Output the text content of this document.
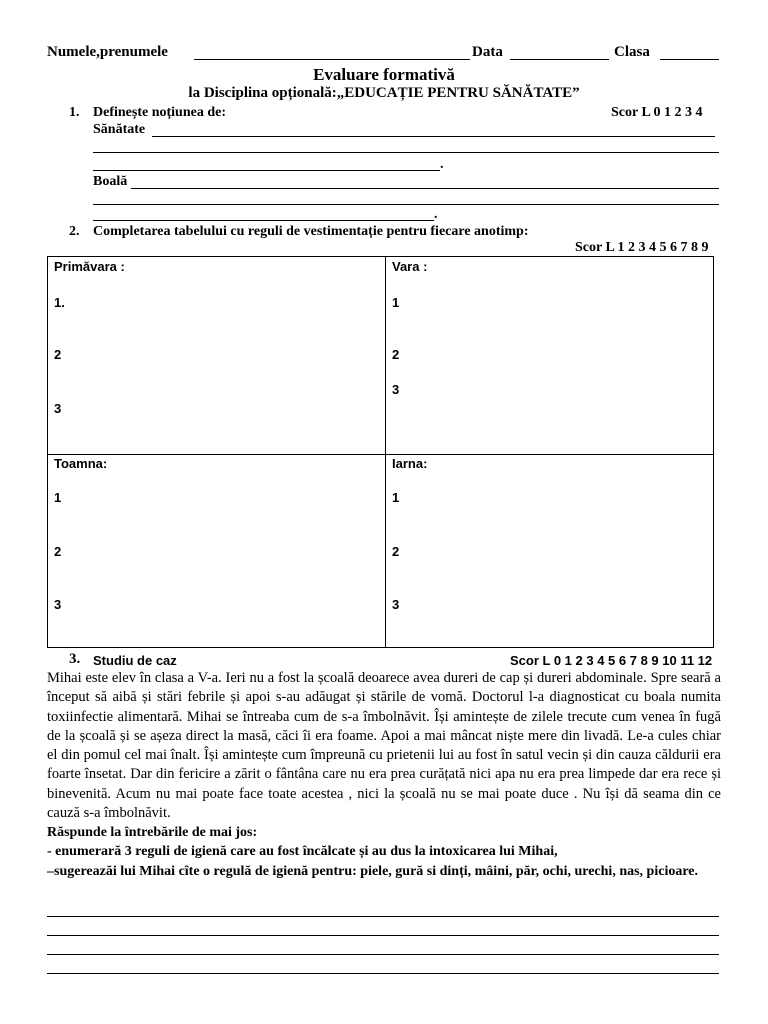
Numele,prenumele	Data	Clasa
Evaluare formativă
la Disciplina opțională:„EDUCAȚIE PENTRU SĂNĂTATE”
1. Definește noțiunea de:	Scor L 0 1 2 3 4
Sănătate
.
Boală
.
2. Completarea tabelului cu reguli de vestimentație pentru fiecare anotimp:
Scor L 1 2 3 4 5 6 7 8 9
Primăvara :
1.
2
3
Vara :
1
2
3
Toamna:
1
2
3
Iarna:
1
2
3
3. Studiu de caz	Scor L 0 1 2 3 4 5 6 7 8 9 10 11 12
Mihai este elev în clasa a V-a. Ieri nu a fost la școală deoarece avea dureri de cap și dureri abdominale. Spre seară a început să aibă și stări febrile și apoi s-au adăugat și stările de vomă. Doctorul l-a diagnosticat cu boala numita toxiinfectie alimentară. Mihai se întreaba cum de s-a îmbolnăvit. Își amintește de zilele trecute cum venea în fugă de la școală și se așeza direct la masă, căci îi era foame. Apoi a mai mâncat niște mere din livadă. Le-a cules chiar el din pomul cel mai înalt. Își amintește cum împreună cu prietenii lui au fost în satul vecin și din cauza căldurii era foarte însetat. Dar din fericire a zărit o fântâna care nu era prea curățată nici apa nu era prea limpede dar era rece și binevenită. Acum nu mai poate face toate acestea , nici la școală nu se mai poate duce . Nu își dă seama din ce cauză s-a îmbolnăvit.
Răspunde la întrebările de mai jos:
- enumerară 3 reguli de igienă care au fost încălcate și au dus la intoxicarea lui Mihai,
–sugereazăi lui Mihai cîte o regulă de igienă pentru: piele, gură si dinți, mâini, păr, ochi, urechi, nas, picioare.
